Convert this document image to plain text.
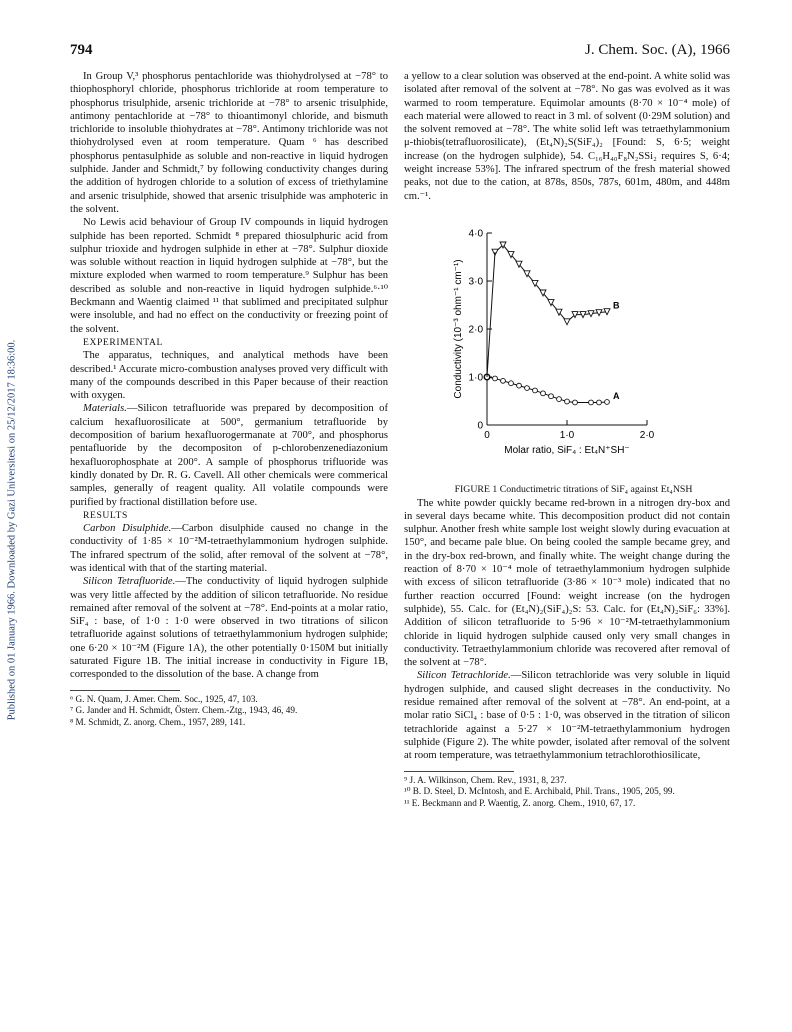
Published on 01 January 1966. Downloaded by Gazi Universitesi on 25/12/2017 18:36:00.
794	J. Chem. Soc. (A), 1966

In Group V,³ phosphorus pentachloride was thiohydrolysed at −78° to thiophosphoryl chloride, phosphorus trichloride at room temperature to phosphorus trisulphide, arsenic trichloride at −78° to arsenic trisulphide, antimony pentachloride at −78° to thioantimonyl chloride, and bismuth trichloride to insoluble thiohydrates at −78°. Antimony trichloride was not thiohydrolysed even at room temperature. Quam ⁶ has described phosphorus pentasulphide as soluble and non-reactive in liquid hydrogen sulphide. Jander and Schmidt,⁷ by following conductivity changes during the addition of hydrogen chloride to a solution of excess of triethylamine and arsenic trisulphide, showed that arsenic trisulphide was amphoteric in the solvent.

No Lewis acid behaviour of Group IV compounds in liquid hydrogen sulphide has been reported. Schmidt ⁸ prepared thiosulphuric acid from sulphur trioxide and hydrogen sulphide in ether at −78°. Sulphur dioxide was soluble without reaction in liquid hydrogen sulphide at −78°, but the mixture exploded when warmed to room temperature.⁹ Sulphur has been described as soluble and non-reactive in liquid hydrogen sulphide.⁶·¹⁰ Beckmann and Waentig claimed ¹¹ that sublimed and precipitated sulphur were insoluble, and had no effect on the conductivity or freezing point of the solvent.

EXPERIMENTAL

The apparatus, techniques, and analytical methods have been described.¹ Accurate micro-combustion analyses proved very difficult with many of the compounds described in this Paper because of their reaction with oxygen.

Materials.—Silicon tetrafluoride was prepared by decomposition of calcium hexafluorosilicate at 500°, germanium tetrafluoride by decomposition of barium hexafluorogermanate at 700°, and phosphorus pentafluoride by the decompositon of p-chlorobenzenediazonium hexafluorophosphate at 200°. A sample of phosphorus trifluoride was kindly donated by Dr. R. G. Cavell. All other chemicals were commerical samples, generally of reagent quality. All volatile compounds were purified by fractional distillation before use.

RESULTS

Carbon Disulphide.—Carbon disulphide caused no change in the conductivity of 1·85 × 10⁻²M-tetraethylammonium hydrogen sulphide. The infrared spectrum of the solid, after removal of the solvent at −78°, was identical with that of the starting material.

Silicon Tetrafluoride.—The conductivity of liquid hydrogen sulphide was very little affected by the addition of silicon tetrafluoride. No residue remained after removal of the solvent at −78°. End-points at a molar ratio, SiF₄ : base, of 1·0 : 1·0 were observed in two titrations of silicon tetrafluoride against solutions of tetraethylammonium hydrogen sulphide; one 6·20 × 10⁻²M (Figure 1A), the other potentially 0·150M but initially saturated Figure 1B. The initial increase in conductivity in Figure 1B, corresponded to the dissolution of the base. A change from

⁶ G. N. Quam, J. Amer. Chem. Soc., 1925, 47, 103.

⁷ G. Jander and H. Schmidt, Österr. Chem.-Ztg., 1943, 46, 49.

⁸ M. Schmidt, Z. anorg. Chem., 1957, 289, 141.

a yellow to a clear solution was observed at the end-point. A white solid was isolated after removal of the solvent at −78°. No gas was evolved as it was warmed to room temperature. Equimolar amounts (8·70 × 10⁻⁴ mole) of each material were allowed to react in 3 ml. of solvent (0·29M solution) and the solvent removed at −78°. The white solid left was tetraethylammonium μ-thiobis(tetrafluorosilicate), (Et₄N)₂S(SiF₄)₂ [Found: S, 6·5; weight increase (on the hydrogen sulphide), 54. C₁₆H₄₀F₈N₂SSi₂ requires S, 6·4; weight increase 53%]. The infrared spectrum of the fresh material showed peaks, not due to the cation, at 878s, 850s, 787s, 601m, 480m, and 448m cm.⁻¹.

0
1·0
2·0
3·0
4·0
0	1·0	2·0
Molar ratio, SiF₄ : Et₄N⁺SH⁻
Conductivity (10⁻³ ohm⁻¹ cm⁻¹)	A
B

FIGURE 1 Conductimetric titrations of SiF₄ against Et₄NSH

The white powder quickly became red-brown in a nitrogen dry-box and in several days became white. This decomposition product did not contain sulphur. Another fresh white sample lost weight slowly during evacuation at 150°, and became pale blue. On being cooled the sample became grey, and in the dry-box red-brown, and finally white. The weight change during the reaction of 8·70 × 10⁻⁴ mole of tetraethylammonium hydrogen sulphide with excess of silicon tetrafluoride (3·86 × 10⁻³ mole) indicated that no further reaction occurred [Found: weight increase (on the hydrogen sulphide), 55. Calc. for (Et₄N)₂(SiF₄)₂S: 53. Calc. for (Et₄N)₂SiF₆: 33%]. Addition of silicon tetrafluoride to 5·96 × 10⁻²M-tetraethylammonium chloride in liquid hydrogen sulphide caused only very small changes in conductivity. Tetraethylammonium chloride was recovered after removal of the solvent at −78°.

Silicon Tetrachloride.—Silicon tetrachloride was very soluble in liquid hydrogen sulphide, and caused slight decreases in the conductivity. No residue remained after removal of the solvent at −78°. An end-point, at a molar ratio SiCl₄ : base of 0·5 : 1·0, was observed in the titration of silicon tetrachloride against a 5·27 × 10⁻²M-tetraethylammonium hydrogen sulphide (Figure 2). The white powder, isolated after removal of the solvent at room temperature, was tetraethylammonium tetrachlorothiosilicate,

⁹ J. A. Wilkinson, Chem. Rev., 1931, 8, 237.

¹⁰ B. D. Steel, D. McIntosh, and E. Archibald, Phil. Trans., 1905, 205, 99.

¹¹ E. Beckmann and P. Waentig, Z. anorg. Chem., 1910, 67, 17.
